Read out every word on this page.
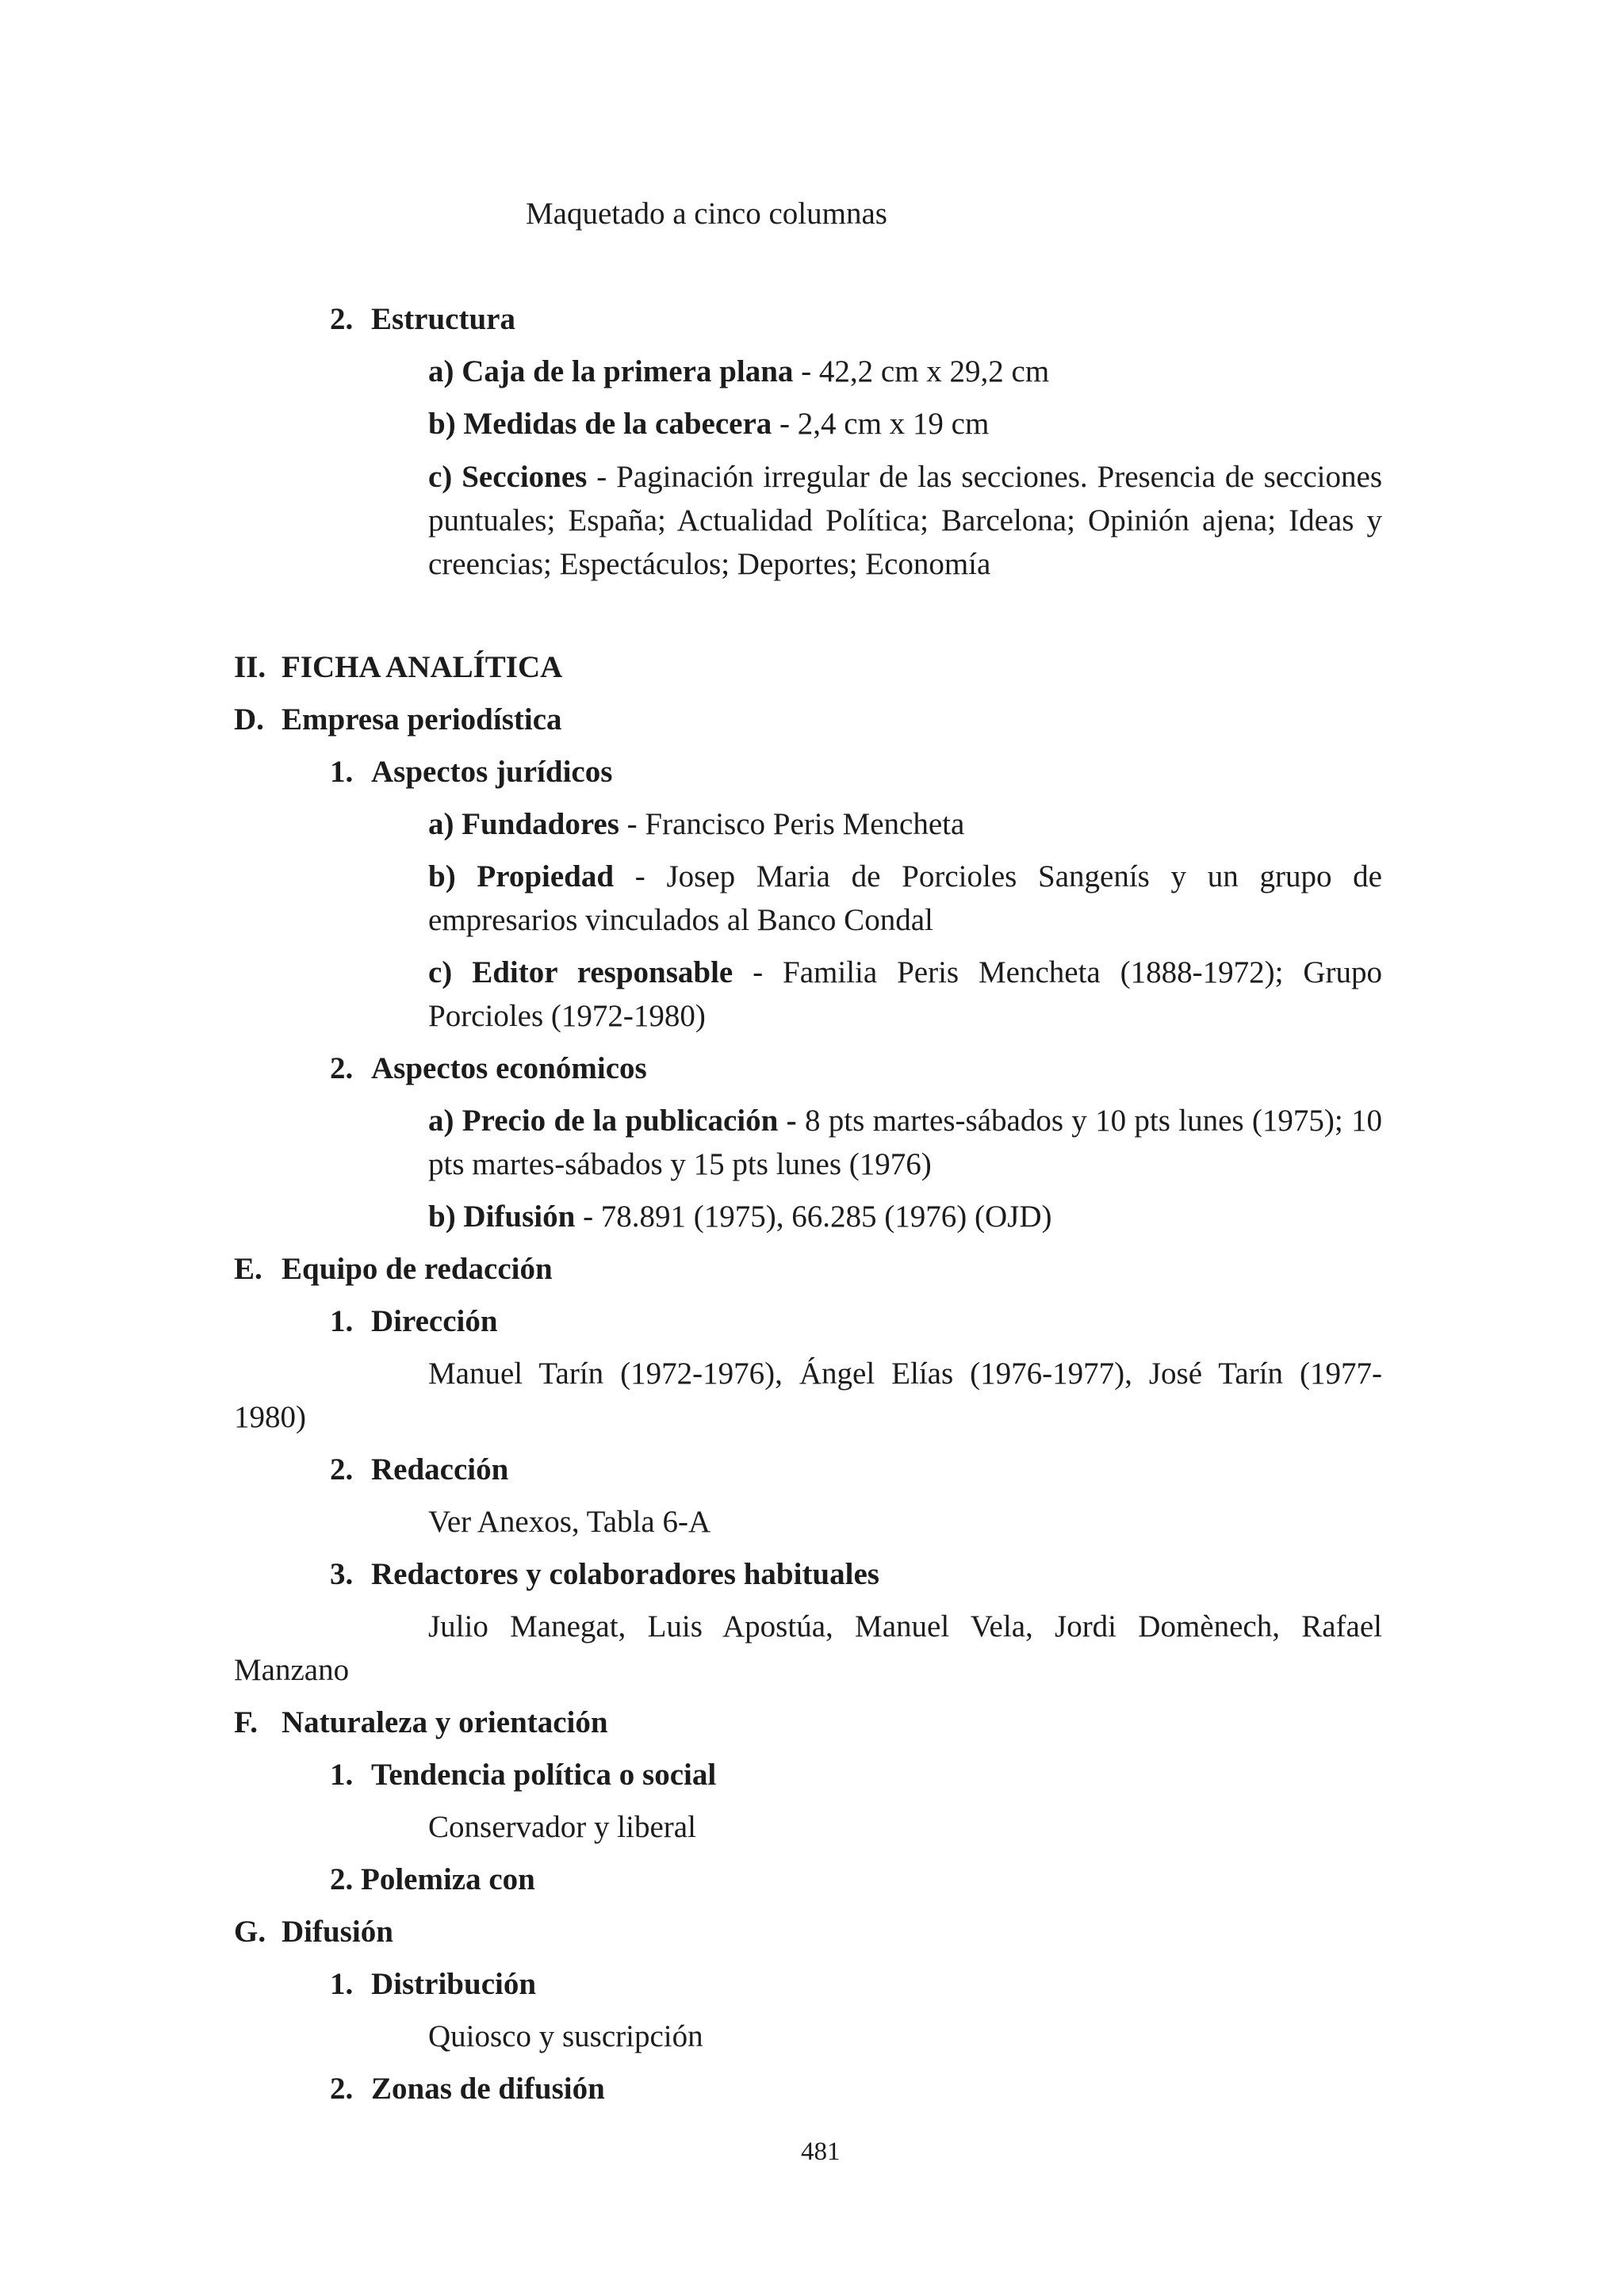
Maquetado a cinco columnas
2. Estructura
a) Caja de la primera plana - 42,2 cm x 29,2 cm
b) Medidas de la cabecera - 2,4 cm x 19 cm
c) Secciones - Paginación irregular de las secciones. Presencia de secciones puntuales; España; Actualidad Política; Barcelona; Opinión ajena; Ideas y creencias; Espectáculos; Deportes; Economía
II. FICHA ANALÍTICA
D. Empresa periodística
1. Aspectos jurídicos
a) Fundadores - Francisco Peris Mencheta
b) Propiedad - Josep Maria de Porcioles Sangenís y un grupo de empresarios vinculados al Banco Condal
c) Editor responsable - Familia Peris Mencheta (1888-1972); Grupo Porcioles (1972-1980)
2. Aspectos económicos
a) Precio de la publicación - 8 pts martes-sábados y 10 pts lunes (1975); 10 pts martes-sábados y 15 pts lunes (1976)
b) Difusión - 78.891 (1975), 66.285 (1976) (OJD)
E. Equipo de redacción
1. Dirección
Manuel Tarín (1972-1976), Ángel Elías (1976-1977), José Tarín (1977-
1980)
2. Redacción
Ver Anexos, Tabla 6-A
3. Redactores y colaboradores habituales
Julio Manegat, Luis Apostúa, Manuel Vela, Jordi Domènech, Rafael
Manzano
F. Naturaleza y orientación
1. Tendencia política o social
Conservador y liberal
2. Polemiza con
G. Difusión
1. Distribución
Quiosco y suscripción
2. Zonas de difusión
481
